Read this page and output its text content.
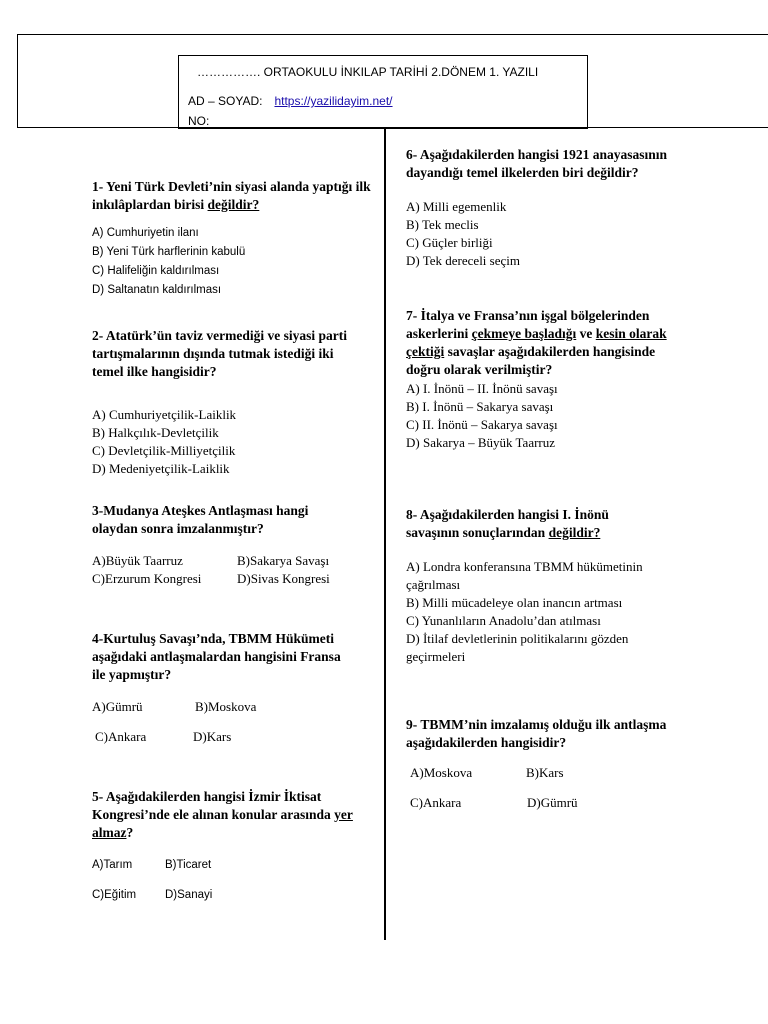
……………. ORTAOKULU İNKILAP TARİHİ 2.DÖNEM 1. YAZILI
AD – SOYAD: https://yazilidayim.net/
NO:
1- Yeni Türk Devleti’nin siyasi alanda yaptığı ilk inkılâplardan birisi değildir?
A) Cumhuriyetin ilanı
B) Yeni Türk harflerinin kabulü
C) Halifeliğin kaldırılması
D) Saltanatın kaldırılması
2- Atatürk’ün taviz vermediği ve siyasi parti tartışmalarının dışında tutmak istediği iki temel ilke hangisidir?
A) Cumhuriyetçilik-Laiklik
B) Halkçılık-Devletçilik
C) Devletçilik-Milliyetçilik
D) Medeniyetçilik-Laiklik
3-Mudanya Ateşkes Antlaşması hangi olaydan sonra imzalanmıştır?
A)Büyük Taarruz	B)Sakarya Savaşı
C)Erzurum Kongresi	D)Sivas Kongresi
4-Kurtuluş Savaşı’nda, TBMM Hükümeti aşağıdaki antlaşmalardan hangisini Fransa ile yapmıştır?
A)Gümrü	B)Moskova
C)Ankara	D)Kars
5- Aşağıdakilerden hangisi İzmir İktisat Kongresi’nde ele alınan konular arasında yer almaz?
A)Tarım	B)Ticaret
C)Eğitim	D)Sanayi
6- Aşağıdakilerden hangisi 1921 anayasasının dayandığı temel ilkelerden biri değildir?
A) Milli egemenlik
B) Tek meclis
C) Güçler birliği
D) Tek dereceli seçim
7- İtalya ve Fransa’nın işgal bölgelerinden askerlerini çekmeye başladığı ve kesin olarak çektiği savaşlar aşağıdakilerden hangisinde doğru olarak verilmiştir?
A) I. İnönü – II. İnönü savaşı
B) I. İnönü – Sakarya savaşı
C) II. İnönü – Sakarya savaşı
D) Sakarya – Büyük Taarruz
8- Aşağıdakilerden hangisi I. İnönü savaşının sonuçlarından değildir?
A) Londra konferansına TBMM hükümetinin çağrılması
B) Milli mücadeleye olan inancın artması
C) Yunanlıların Anadolu’dan atılması
D) İtilaf devletlerinin politikalarını gözden geçirmeleri
9- TBMM’nin imzalamış olduğu ilk antlaşma aşağıdakilerden hangisidir?
A)Moskova	B)Kars
C)Ankara	D)Gümrü
